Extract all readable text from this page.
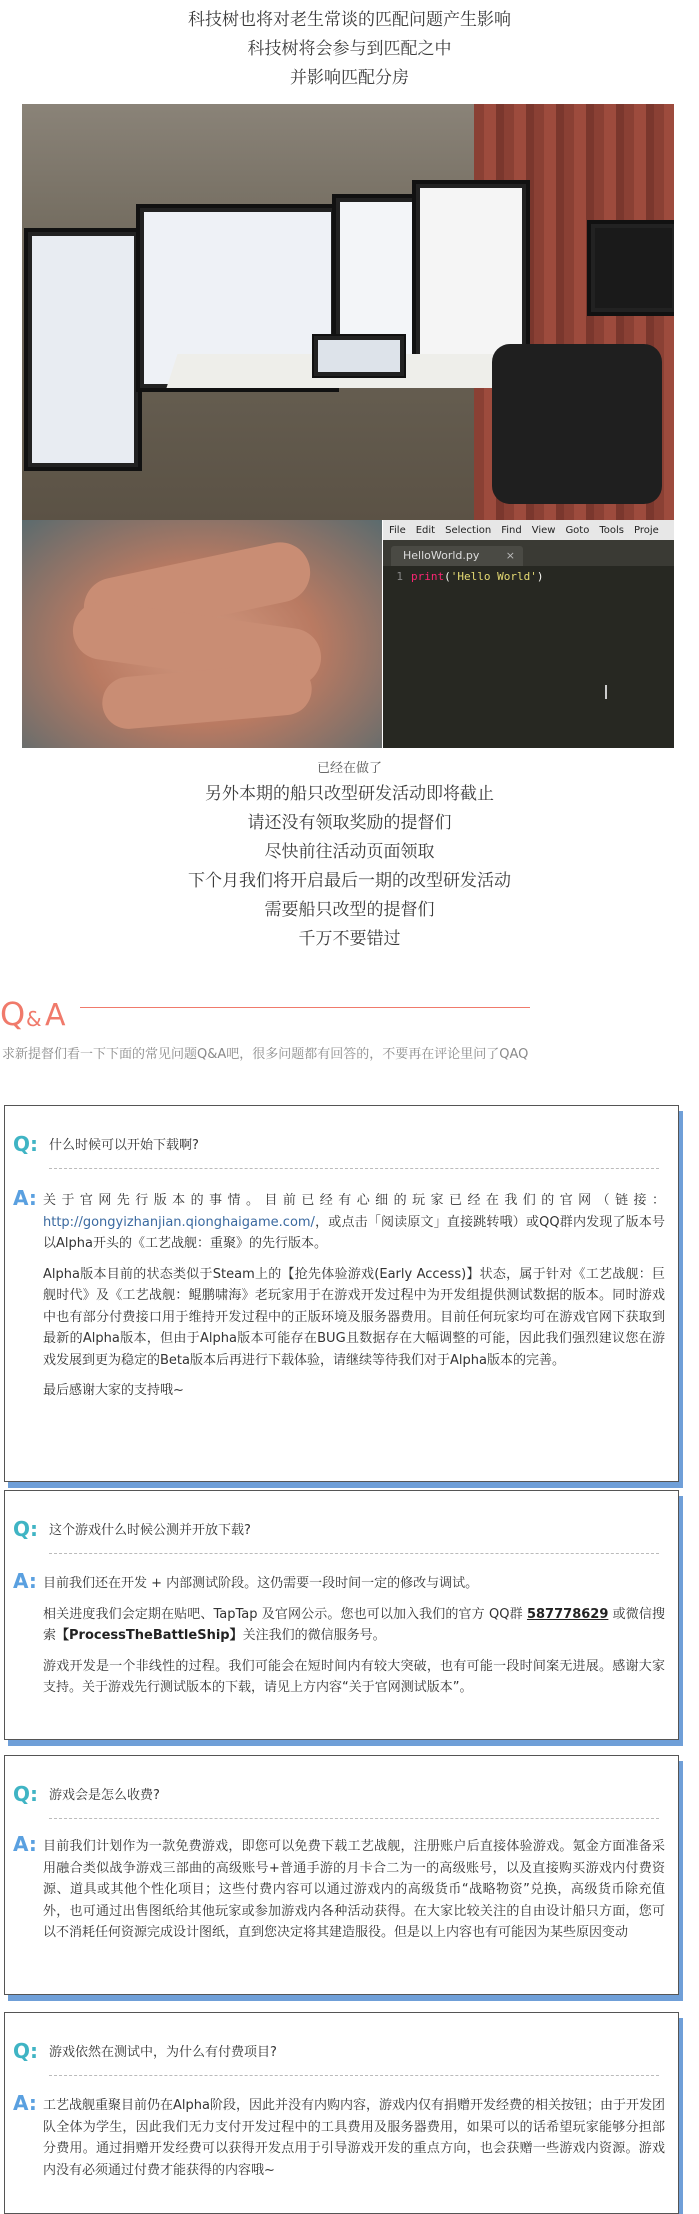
科技树也将对老生常谈的匹配问题产生影响

科技树将会参与到匹配之中

并影响匹配分房

File Edit Selection Find View Goto Tools Proje
HelloWorld.py ×
1 print('Hello World')
已经在做了

另外本期的船只改型研发活动即将截止

请还没有领取奖励的提督们

尽快前往活动页面领取

下个月我们将开启最后一期的改型研发活动

需要船只改型的提督们

千万不要错过

Q & A
求新提督们看一下下面的常见问题Q&A吧，很多问题都有回答的，不要再在评论里问了QAQ
Q: 什么时候可以开始下载啊?
A: 关于官网先行版本的事情。目前已经有心细的玩家已经在我们的官网（链接：http://gongyizhanjian.qionghaigame.com/，或点击「阅读原文」直接跳转哦）或QQ群内发现了版本号以Alpha开头的《工艺战舰：重聚》的先行版本。

Alpha版本目前的状态类似于Steam上的【抢先体验游戏(Early Access)】状态，属于针对《工艺战舰：巨舰时代》及《工艺战舰：鲲鹏啸海》老玩家用于在游戏开发过程中为开发组提供测试数据的版本。同时游戏中也有部分付费接口用于维持开发过程中的正版环境及服务器费用。目前任何玩家均可在游戏官网下获取到最新的Alpha版本，但由于Alpha版本可能存在BUG且数据存在大幅调整的可能，因此我们强烈建议您在游戏发展到更为稳定的Beta版本后再进行下载体验，请继续等待我们对于Alpha版本的完善。

最后感谢大家的支持哦~

Q: 这个游戏什么时候公测并开放下载?
A: 目前我们还在开发 + 内部测试阶段。这仍需要一段时间一定的修改与调试。

相关进度我们会定期在贴吧、TapTap 及官网公示。您也可以加入我们的官方 QQ群 587778629 或微信搜索【ProcessTheBattleShip】关注我们的微信服务号。

游戏开发是一个非线性的过程。我们可能会在短时间内有较大突破，也有可能一段时间案无进展。感谢大家支持。关于游戏先行测试版本的下载，请见上方内容“关于官网测试版本”。

Q: 游戏会是怎么收费?
A: 目前我们计划作为一款免费游戏，即您可以免费下载工艺战舰，注册账户后直接体验游戏。氪金方面准备采用融合类似战争游戏三部曲的高级账号+普通手游的月卡合二为一的高级账号，以及直接购买游戏内付费资源、道具或其他个性化项目；这些付费内容可以通过游戏内的高级货币“战略物资”兑换，高级货币除充值外，也可通过出售图纸给其他玩家或参加游戏内各种活动获得。在大家比较关注的自由设计船只方面，您可以不消耗任何资源完成设计图纸，直到您决定将其建造服役。但是以上内容也有可能因为某些原因变动

Q: 游戏依然在测试中，为什么有付费项目?
A: 工艺战舰重聚目前仍在Alpha阶段，因此并没有内购内容，游戏内仅有捐赠开发经费的相关按钮；由于开发团队全体为学生，因此我们无力支付开发过程中的工具费用及服务器费用，如果可以的话希望玩家能够分担部分费用。通过捐赠开发经费可以获得开发点用于引导游戏开发的重点方向，也会获赠一些游戏内资源。游戏内没有必须通过付费才能获得的内容哦~
